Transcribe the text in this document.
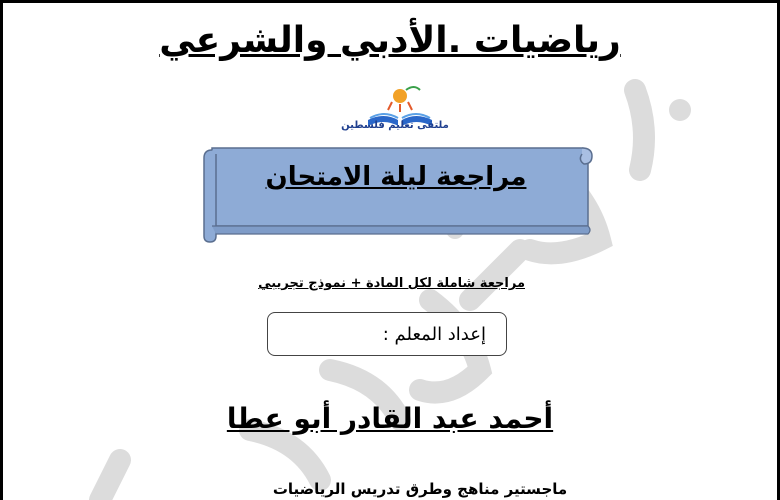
رياضيات .الأدبي والشرعي
ملتقى تعليم فلسطين
مراجعة ليلة الامتحان
مراجعة شاملة لكل المادة + نموذج تجريبي
إعداد المعلم :
أحمد عبد القادر أبو عطا
ماجستير مناهج وطرق تدريس الرياضيات
